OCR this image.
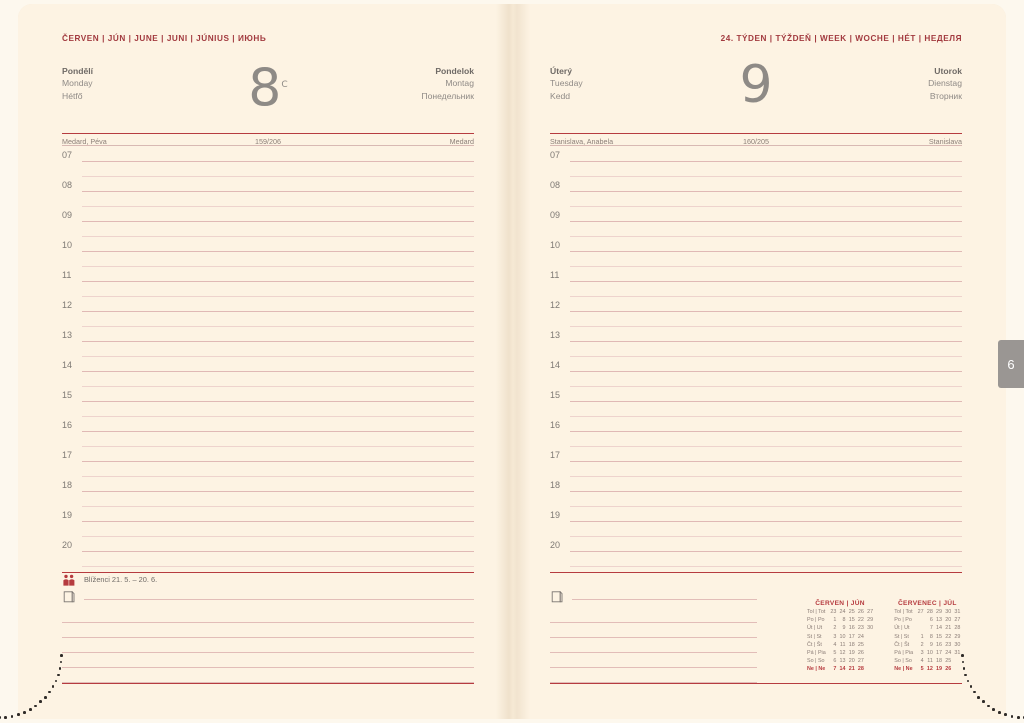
ČERVEN | JÚN | JUNE | JUNI | JÚNIUS | ИЮНЬ
Pondělí
Monday
Hétfő	$8^C$
Pondelok
Montag
Понедельник
Medard, Péva	159/206	Medard
07
08
09
10
11
12
13
14
15
16
17
18
19
20
Blíženci 21. 5. – 20. 6.
24. TÝDEN | TÝŽDEŇ | WEEK | WOCHE | HÉT | НЕДЕЛЯ
Úterý
Tuesday
Kedd	9	Utorok
Dienstag
Вторник
Stanislava, Anabela	160/205	Stanislava
07
08
09
10
11
12
13
14
15
16
17
18
19
20
ČERVEN | JÚN
Tol | Tot	23	24	25	26	27
Po | Po	1	8	15	22	29
Út | Ut	2	9	16	23	30
St | St	3	10	17	24	
Čt | Št	4	11	18	25	
Pá | Pia	5	12	19	26	
So | So	6	13	20	27	
Ne | Ne	7	14	21	28	
ČERVENEC | JÚL
Tol | Tot	27	28	29	30	31
Po | Po		6	13	20	27
Út | Ut		7	14	21	28
St | St	1	8	15	22	29
Čt | Št	2	9	16	23	30
Pá | Pia	3	10	17	24	31
So | So	4	11	18	25	
Ne | Ne	5	12	19	26	
6
